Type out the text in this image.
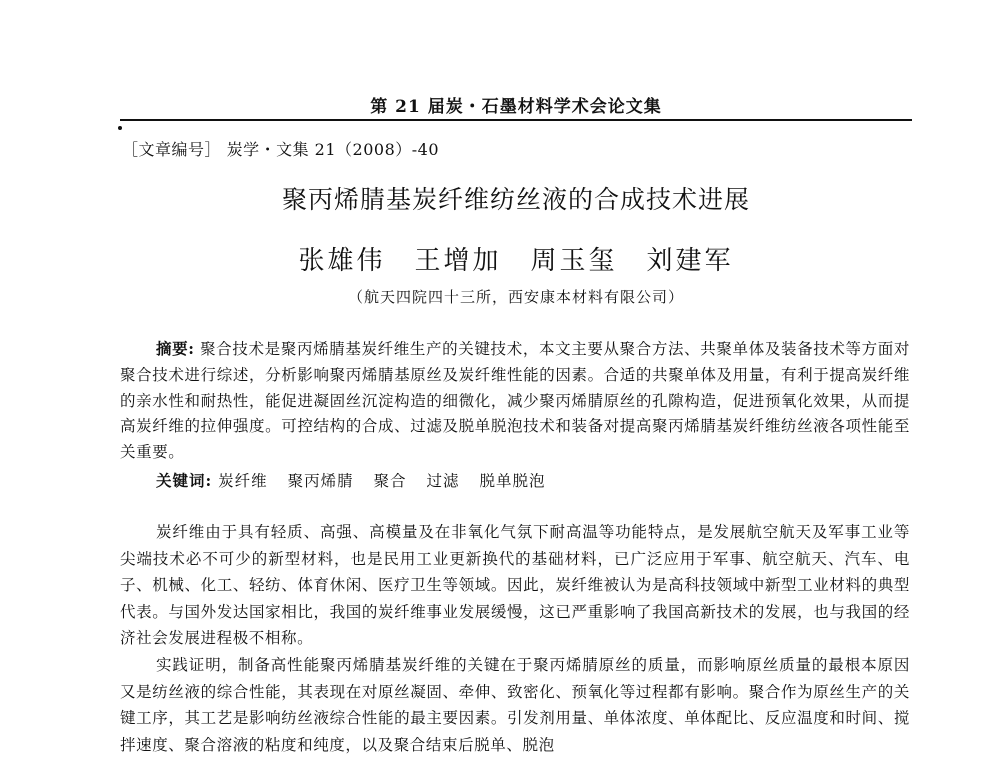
第 21 届炭・石墨材料学术会论文集
［文章编号］ 炭学・文集 21（2008）-40
聚丙烯腈基炭纤维纺丝液的合成技术进展
张雄伟　王增加　周玉玺　刘建军
（航天四院四十三所，西安康本材料有限公司）
摘要: 聚合技术是聚丙烯腈基炭纤维生产的关键技术，本文主要从聚合方法、共聚单体及装备技术等方面对聚合技术进行综述，分析影响聚丙烯腈基原丝及炭纤维性能的因素。合适的共聚单体及用量，有利于提高炭纤维的亲水性和耐热性，能促进凝固丝沉淀构造的细微化，减少聚丙烯腈原丝的孔隙构造，促进预氧化效果，从而提高炭纤维的拉伸强度。可控结构的合成、过滤及脱单脱泡技术和装备对提高聚丙烯腈基炭纤维纺丝液各项性能至关重要。
关键词: 炭纤维 聚丙烯腈 聚合 过滤 脱单脱泡

炭纤维由于具有轻质、高强、高模量及在非氧化气氛下耐高温等功能特点，是发展航空航天及军事工业等尖端技术必不可少的新型材料，也是民用工业更新换代的基础材料，已广泛应用于军事、航空航天、汽车、电子、机械、化工、轻纺、体育休闲、医疗卫生等领域。因此，炭纤维被认为是高科技领域中新型工业材料的典型代表。与国外发达国家相比，我国的炭纤维事业发展缓慢，这已严重影响了我国高新技术的发展，也与我国的经济社会发展进程极不相称。

实践证明，制备高性能聚丙烯腈基炭纤维的关键在于聚丙烯腈原丝的质量，而影响原丝质量的最根本原因又是纺丝液的综合性能，其表现在对原丝凝固、牵伸、致密化、预氧化等过程都有影响。聚合作为原丝生产的关键工序，其工艺是影响纺丝液综合性能的最主要因素。引发剂用量、单体浓度、单体配比、反应温度和时间、搅拌速度、聚合溶液的粘度和纯度，以及聚合结束后脱单、脱泡
